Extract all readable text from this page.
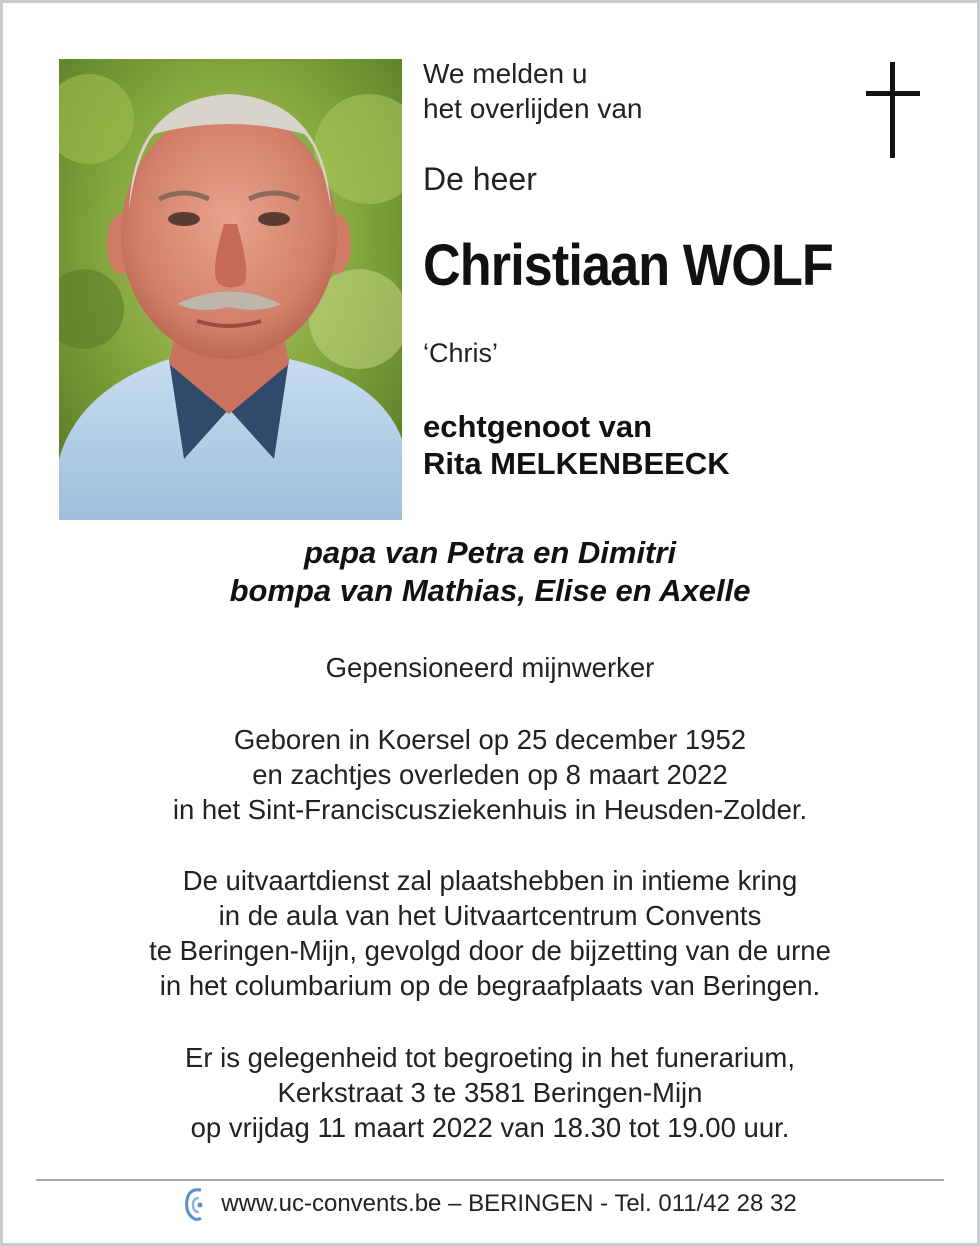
We melden u
het overlijden van
De heer
Christiaan WOLF
‘Chris’
echtgenoot van
Rita MELKENBEECK
papa van Petra en Dimitri
bompa van Mathias, Elise en Axelle
Gepensioneerd mijnwerker
Geboren in Koersel op 25 december 1952
en zachtjes overleden op 8 maart 2022
in het Sint-Franciscusziekenhuis in Heusden-Zolder.
De uitvaartdienst zal plaatshebben in intieme kring
in de aula van het Uitvaartcentrum Convents
te Beringen-Mijn, gevolgd door de bijzetting van de urne
in het columbarium op de begraafplaats van Beringen.
Er is gelegenheid tot begroeting in het funerarium,
Kerkstraat 3 te 3581 Beringen-Mijn
op vrijdag 11 maart 2022 van 18.30 tot 19.00 uur.
www.uc-convents.be – BERINGEN - Tel. 011/42 28 32
